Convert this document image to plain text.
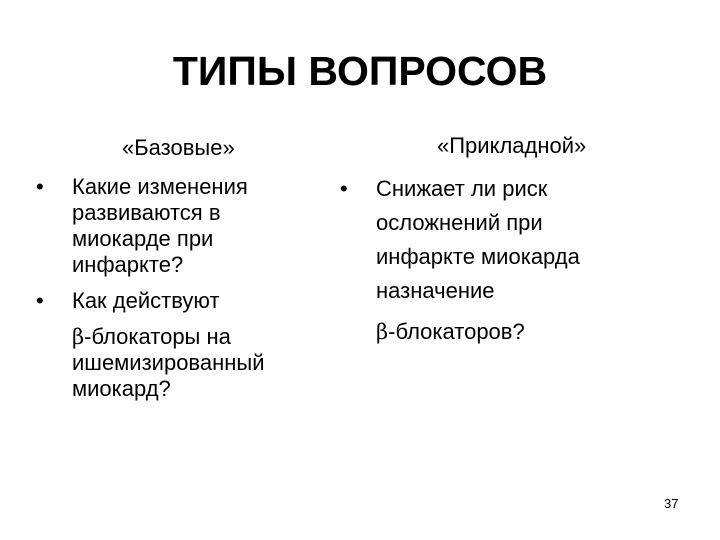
ТИПЫ ВОПРОСОВ
«Базовые»
• Какие изменения
развиваются в
миокарде при
инфаркте?
• Как действуют
β-блокаторы на
ишемизированный
миокард?
«Прикладной»
• Снижает ли риск
осложнений при
инфаркте миокарда
назначение
β-блокаторов?
37
